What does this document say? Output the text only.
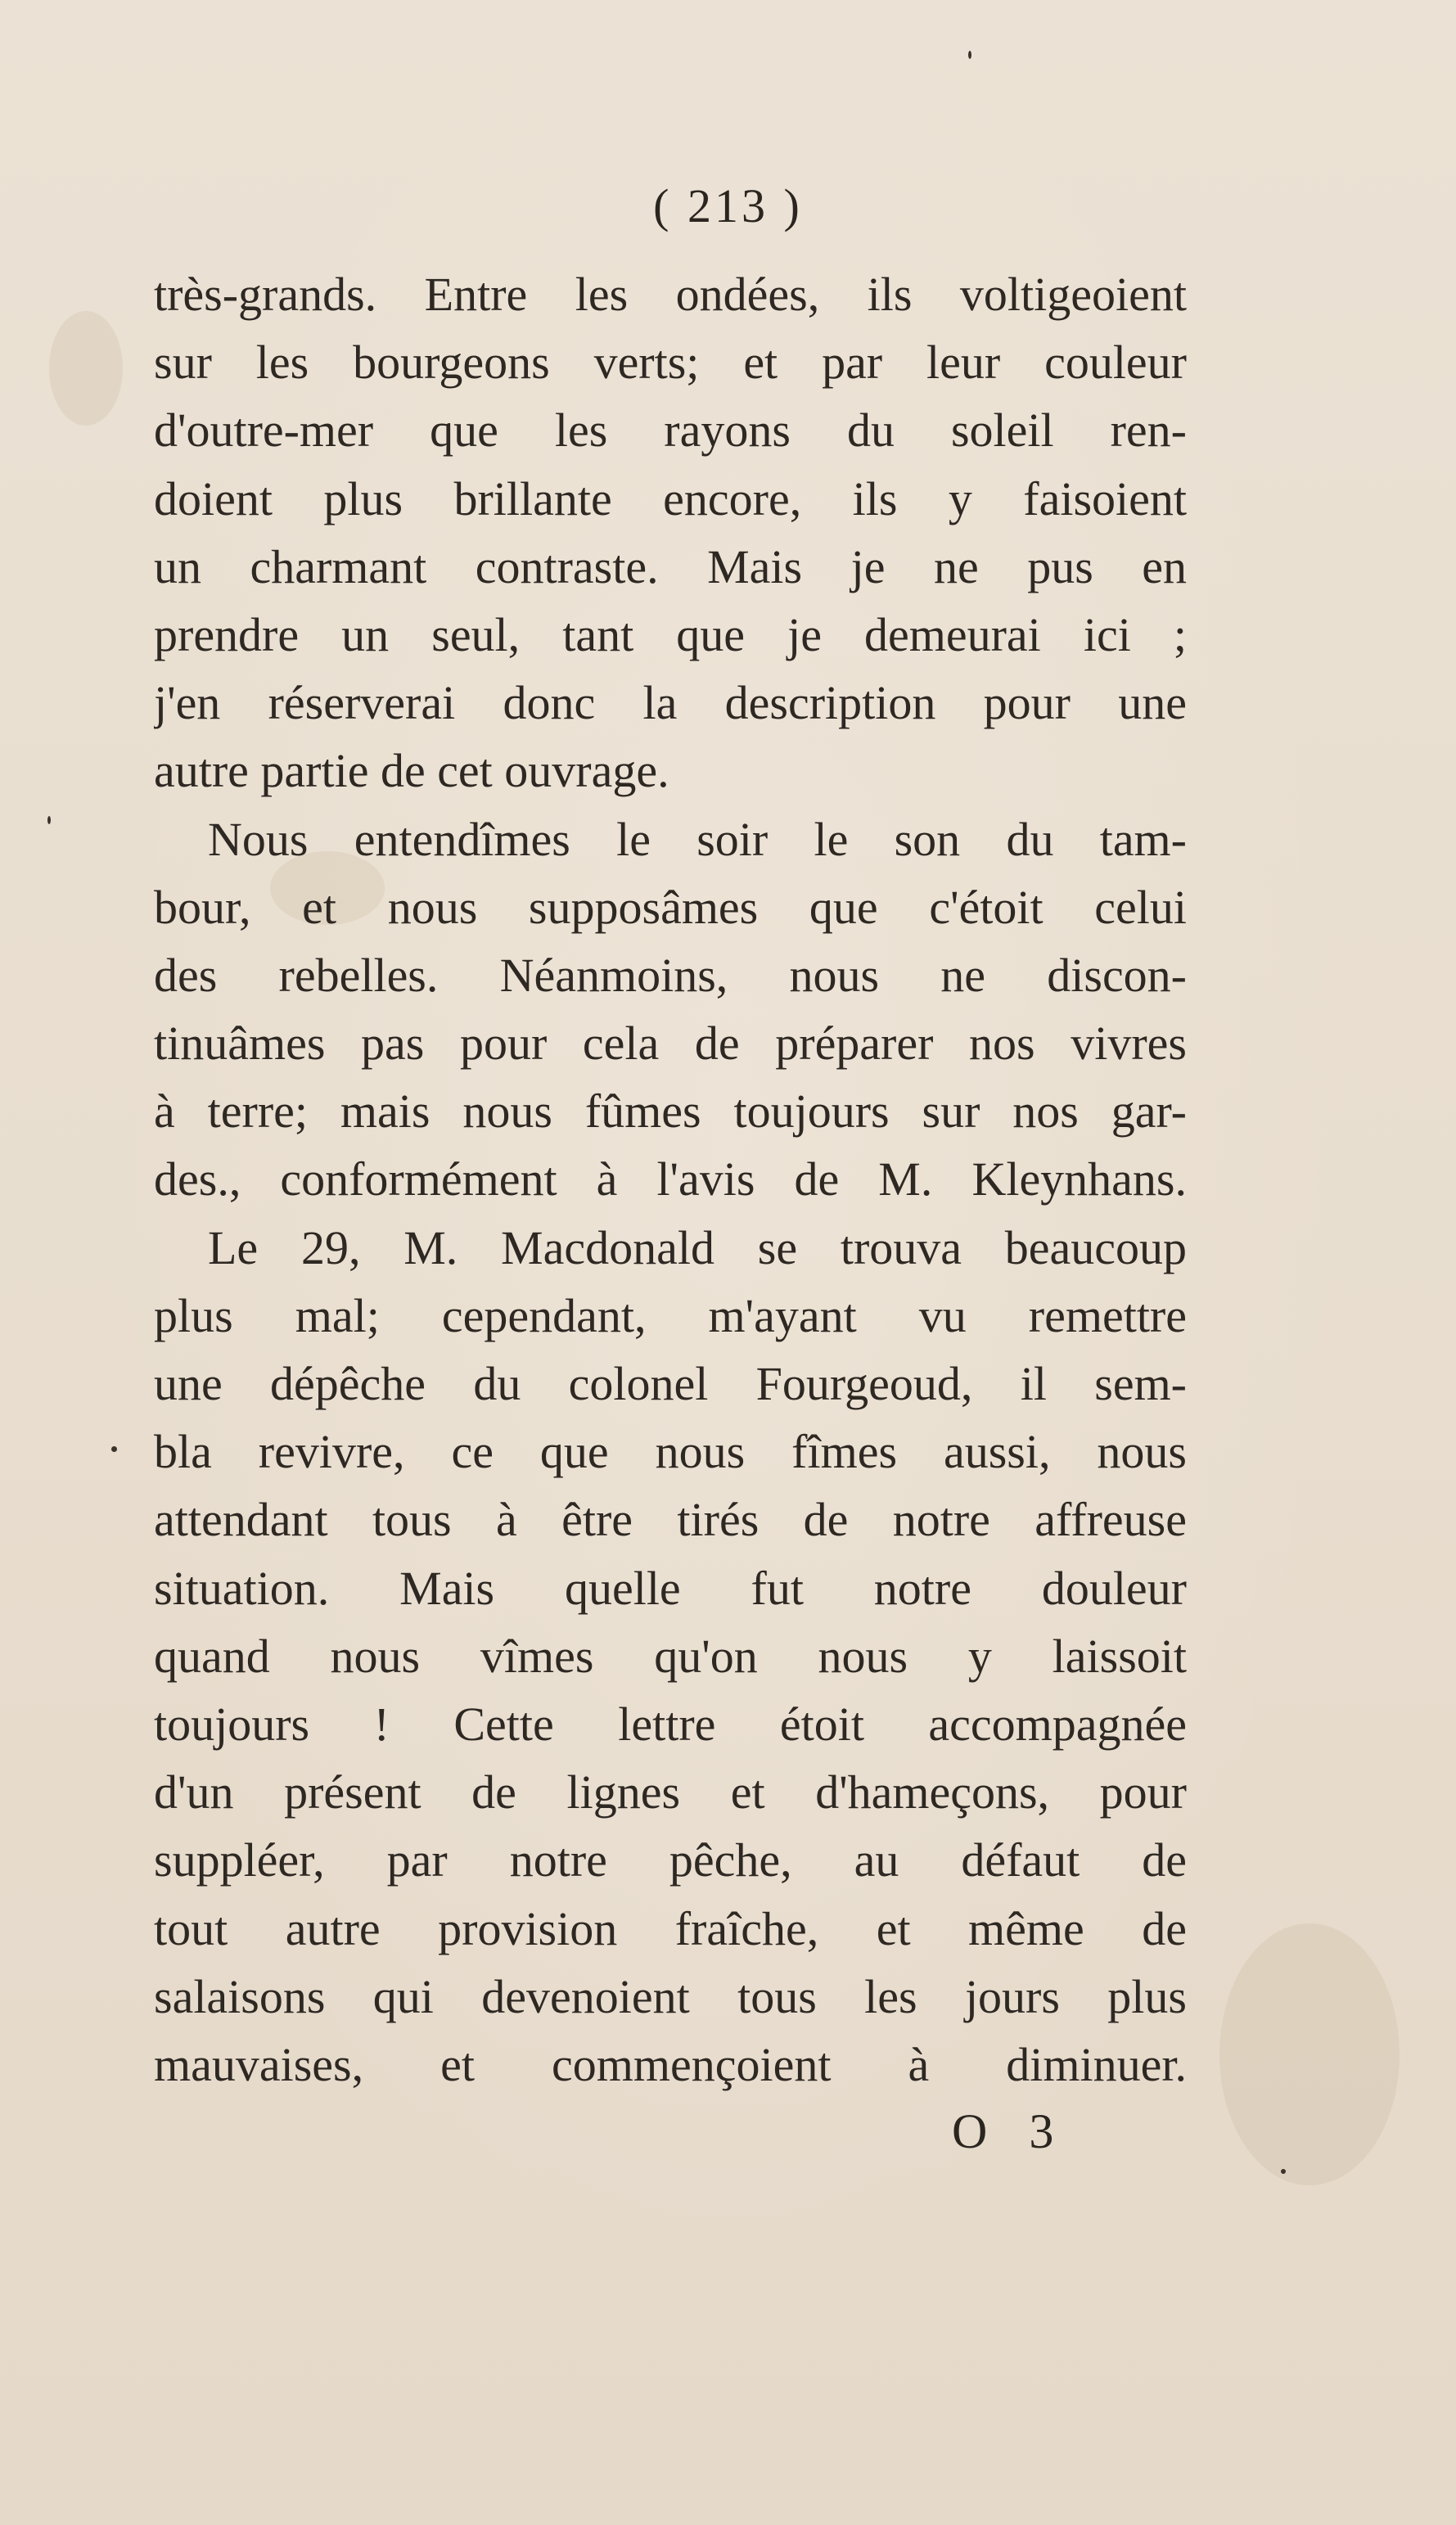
( 213 )
très-grands. Entre les ondées, ils voltigeoient
sur les bourgeons verts; et par leur couleur
d'outre-mer que les rayons du soleil ren-
doient plus brillante encore, ils y faisoient
un charmant contraste. Mais je ne pus en
prendre un seul, tant que je demeurai ici ;
j'en réserverai donc la description pour une
autre partie de cet ouvrage.
Nous entendîmes le soir le son du tam-
bour, et nous supposâmes que c'étoit celui
des rebelles. Néanmoins, nous ne discon-
tinuâmes pas pour cela de préparer nos vivres
à terre; mais nous fûmes toujours sur nos gar-
des., conformément à l'avis de M. Kleynhans.
Le 29, M. Macdonald se trouva beaucoup
plus mal; cependant, m'ayant vu remettre
une dépêche du colonel Fourgeoud, il sem-
bla revivre, ce que nous fîmes aussi, nous
attendant tous à être tirés de notre affreuse
situation. Mais quelle fut notre douleur
quand nous vîmes qu'on nous y laissoit
toujours ! Cette lettre étoit accompagnée
d'un présent de lignes et d'hameçons, pour
suppléer, par notre pêche, au défaut de
tout autre provision fraîche, et même de
salaisons qui devenoient tous les jours plus
mauvaises, et commençoient à diminuer.
O 3
